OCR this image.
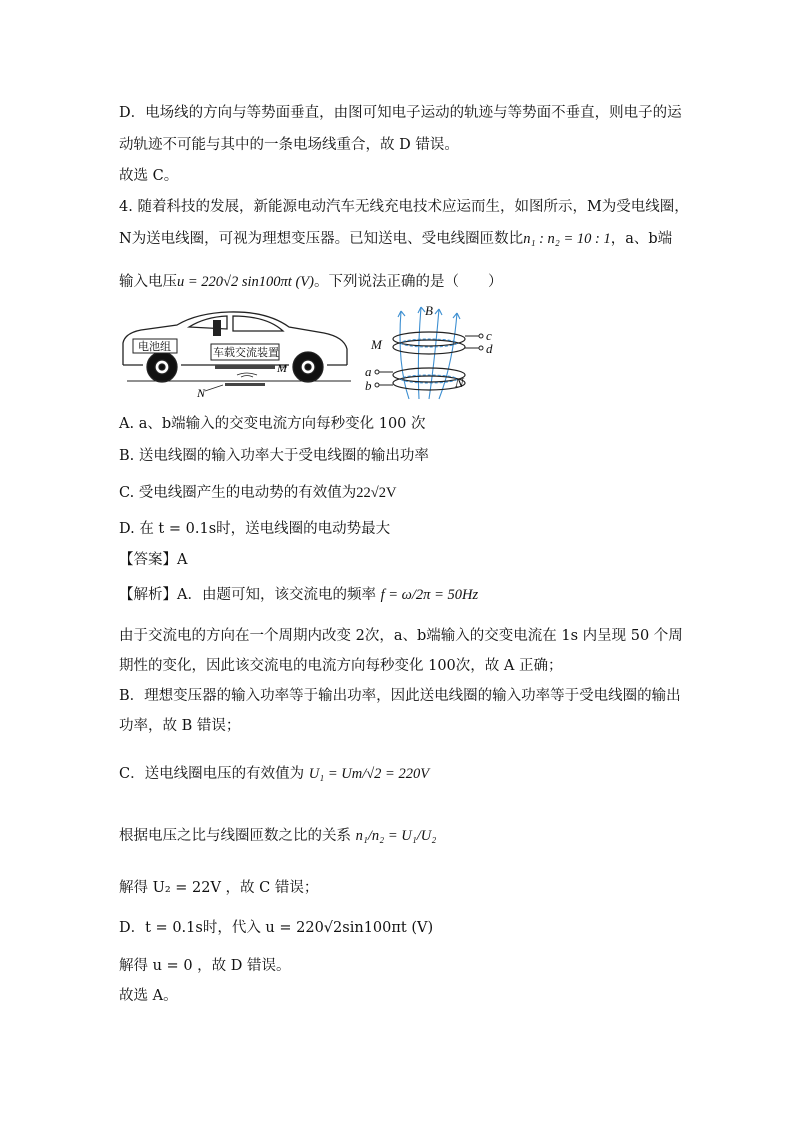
D．电场线的方向与等势面垂直，由图可知电子运动的轨迹与等势面不垂直，则电子的运
动轨迹不可能与其中的一条电场线重合，故 D 错误。
故选 C。
4. 随着科技的发展，新能源电动汽车无线充电技术应运而生，如图所示，M为受电线圈，
N为送电线圈，可视为理想变压器。已知送电、受电线圈匝数比n₁ : n₂ = 10 : 1，a、b端
输入电压u = 220√2 sin100πt (V)。下列说法正确的是（　　）
电池组	车载交流装置
M
N
B
M
N
a
b
c
d
A. a、b端输入的交变电流方向每秒变化 100 次
B. 送电线圈的输入功率大于受电线圈的输出功率
C. 受电线圈产生的电动势的有效值为22√2V
D. 在 t = 0.1s时，送电线圈的电动势最大
【答案】A
【解析】A．由题可知，该交流电的频率 f = ω/2π = 50Hz
由于交流电的方向在一个周期内改变 2次，a、b端输入的交变电流在 1s 内呈现 50 个周
期性的变化，因此该交流电的电流方向每秒变化 100次，故 A 正确；
B．理想变压器的输入功率等于输出功率，因此送电线圈的输入功率等于受电线圈的输出
功率，故 B 错误；
C．送电线圈电压的有效值为 U₁ = Um/√2 = 220V
根据电压之比与线圈匝数之比的关系 n₁/n₂ = U₁/U₂
解得 U₂ = 22V ，故 C 错误；
D．t = 0.1s时，代入 u = 220√2sin100πt (V)
解得 u = 0 ，故 D 错误。
故选 A。
